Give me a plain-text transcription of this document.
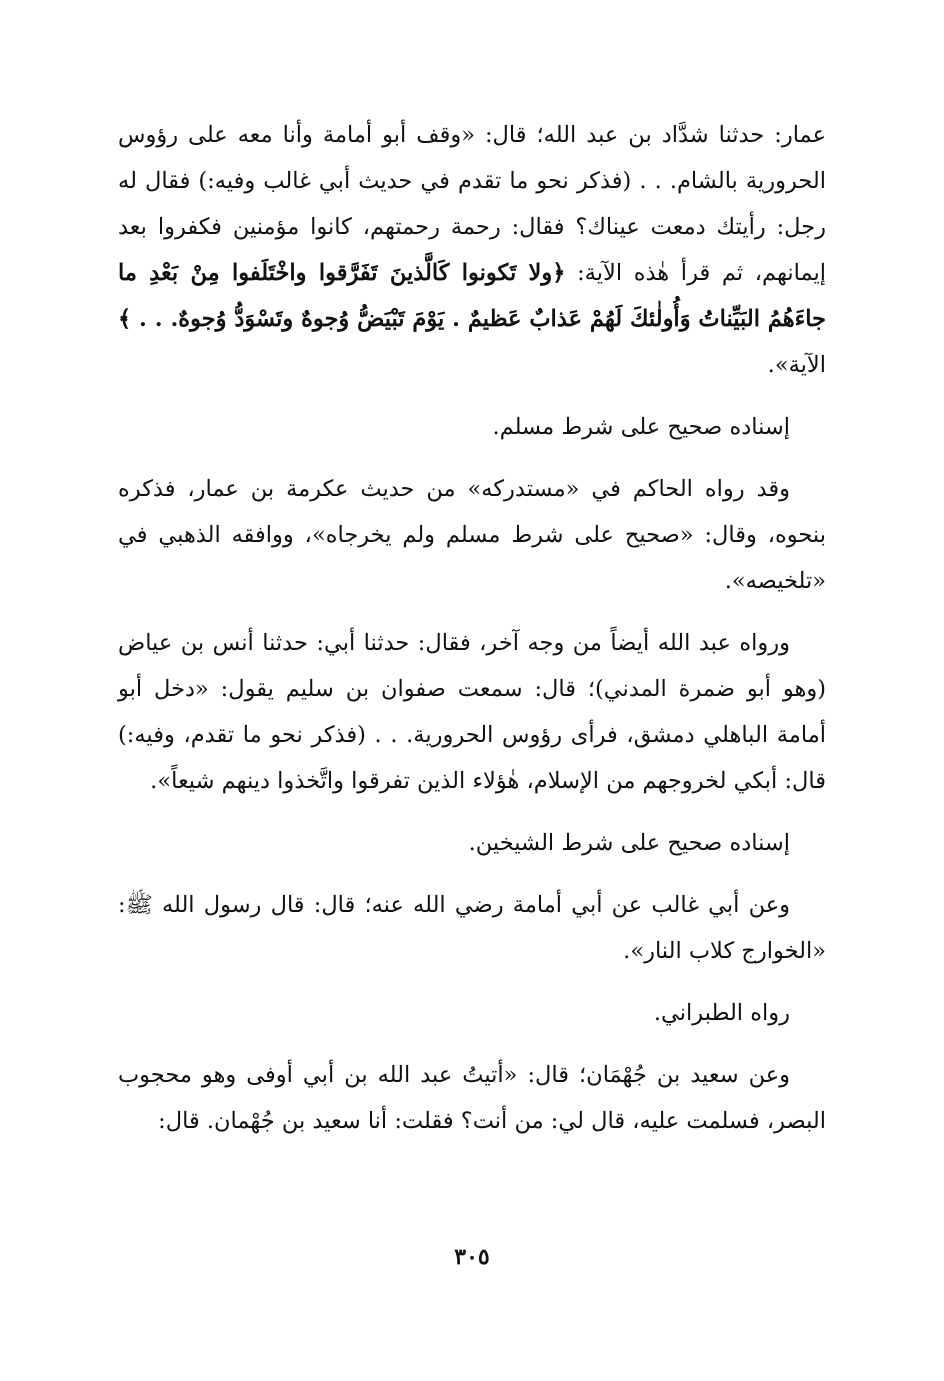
عمار: حدثنا شدَّاد بن عبد الله؛ قال: «وقف أبو أمامة وأنا معه على رؤوس الحرورية بالشام. . . (فذكر نحو ما تقدم في حديث أبي غالب وفيه:) فقال له رجل: رأيتك دمعت عيناك؟ فقال: رحمة رحمتهم، كانوا مؤمنين فكفروا بعد إيمانهم، ثم قرأ هٰذه الآية: ﴿ولا تَكونوا كَالَّذينَ تَفَرَّقوا واخْتَلَفوا مِنْ بَعْدِ ما جاءَهُمُ البَيِّناتُ وَأُولٰئكَ لَهُمْ عَذابٌ عَظيمٌ . يَوْمَ تَبْيَضُّ وُجوهٌ وتَسْوَدُّ وُجوهٌ. . . ﴾ الآية».

إسناده صحيح على شرط مسلم.

وقد رواه الحاكم في «مستدركه» من حديث عكرمة بن عمار، فذكره بنحوه، وقال: «صحيح على شرط مسلم ولم يخرجاه»، ووافقه الذهبي في «تلخيصه».

ورواه عبد الله أيضاً من وجه آخر، فقال: حدثنا أبي: حدثنا أنس بن عياض (وهو أبو ضمرة المدني)؛ قال: سمعت صفوان بن سليم يقول: «دخل أبو أمامة الباهلي دمشق، فرأى رؤوس الحرورية. . . (فذكر نحو ما تقدم، وفيه:) قال: أبكي لخروجهم من الإسلام، هٰؤلاء الذين تفرقوا واتَّخذوا دينهم شيعاً».

إسناده صحيح على شرط الشيخين.

وعن أبي غالب عن أبي أمامة رضي الله عنه؛ قال: قال رسول الله ﷺ: «الخوارج كلاب النار».

رواه الطبراني.

وعن سعيد بن جُهْمَان؛ قال: «أتيتُ عبد الله بن أبي أوفى وهو محجوب البصر، فسلمت عليه، قال لي: من أنت؟ فقلت: أنا سعيد بن جُهْمان. قال:

٣٠٥
